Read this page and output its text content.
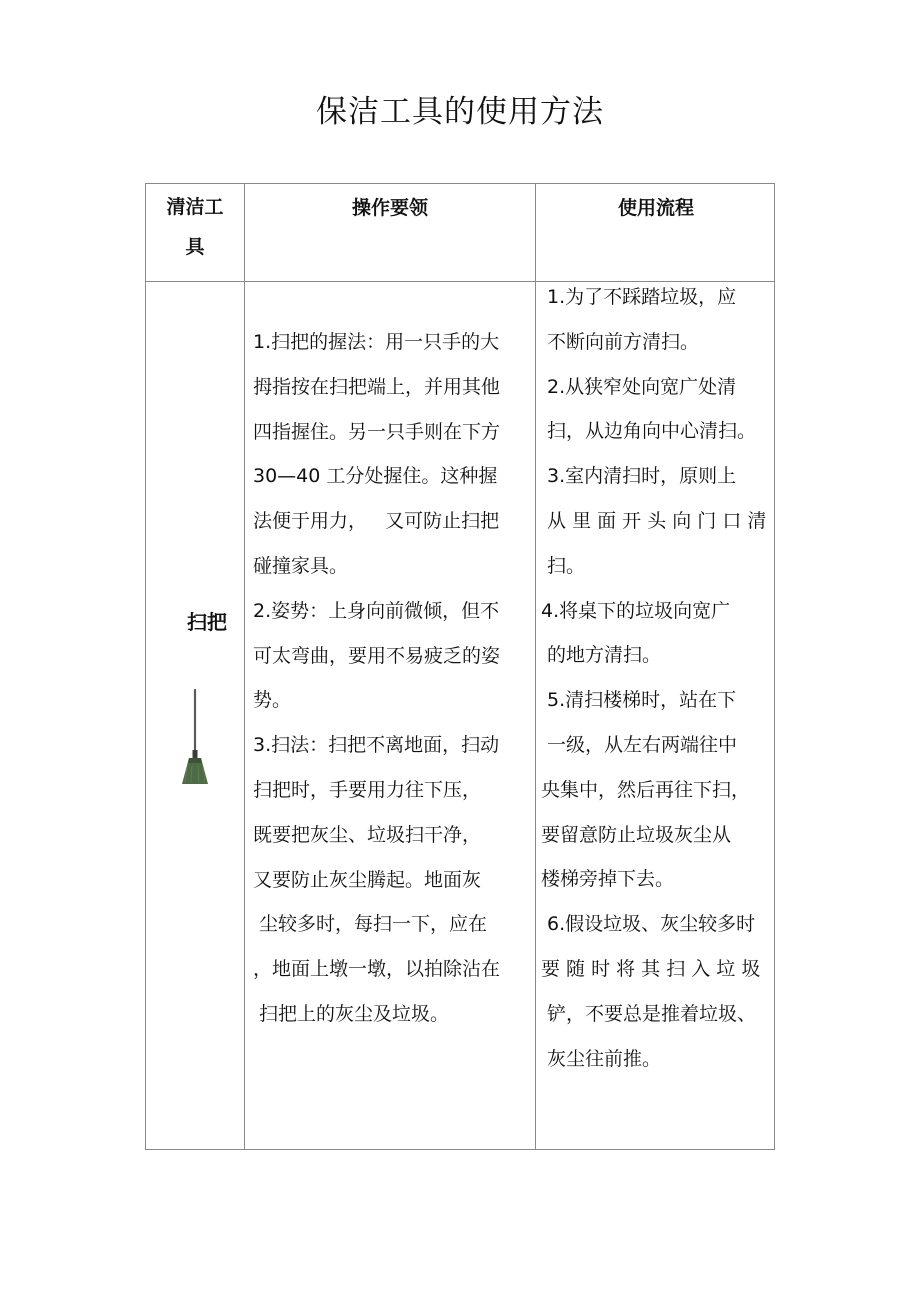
保洁工具的使用方法
清洁工
具
操作要领	使用流程
扫把
1.扫把的握法：用一只手的大
拇指按在扫把端上，并用其他
四指握住。另一只手则在下方
30—40 工分处握住。这种握
法便于用力，   又可防止扫把
碰撞家具。
2.姿势：上身向前微倾，但不
可太弯曲，要用不易疲乏的姿
势。
3.扫法：扫把不离地面，扫动
扫把时，手要用力往下压，
既要把灰尘、垃圾扫干净，
又要防止灰尘腾起。地面灰
尘较多时，每扫一下，应在
，地面上墩一墩，以拍除沾在
扫把上的灰尘及垃圾。
1.为了不踩踏垃圾，应
不断向前方清扫。
2.从狭窄处向宽广处清
扫，从边角向中心清扫。
3.室内清扫时，原则上
从 里 面 开 头 向 门 口 清
扫。
4.将桌下的垃圾向宽广
的地方清扫。
5.清扫楼梯时，站在下
一级，从左右两端往中
央集中，然后再往下扫，
要留意防止垃圾灰尘从
楼梯旁掉下去。
6.假设垃圾、灰尘较多时
要 随 时 将 其 扫 入 垃 圾
铲，不要总是推着垃圾、
灰尘往前推。
